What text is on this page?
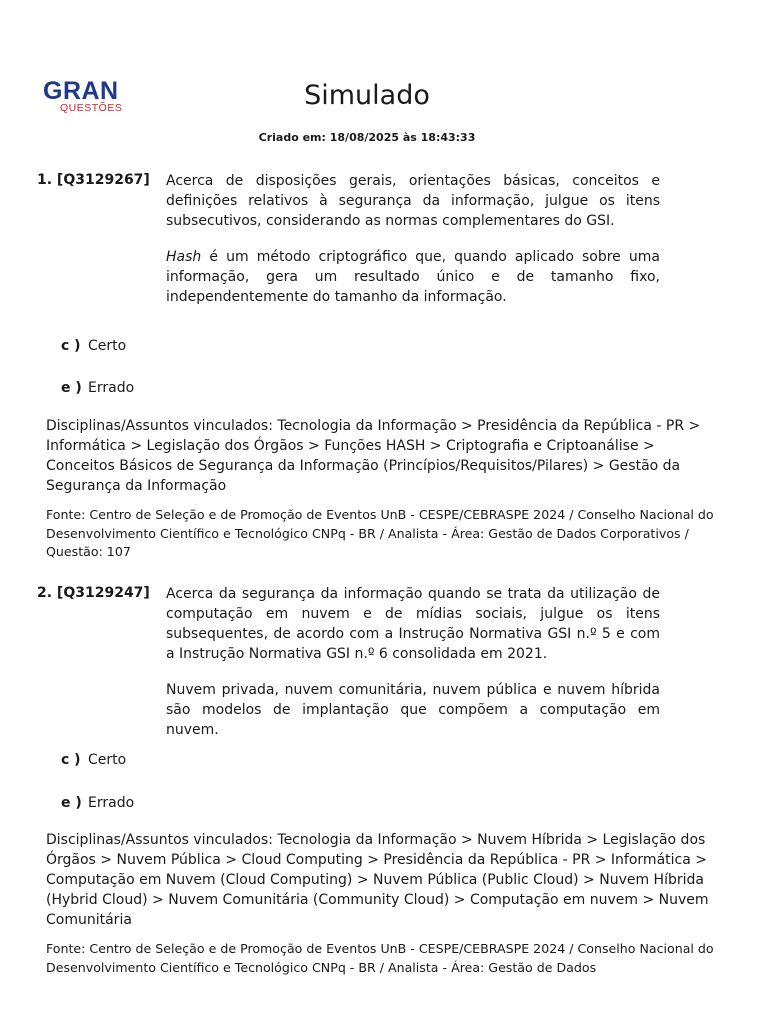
GRAN
QUESTÕES	Simulado
Criado em: 18/08/2025 às 18:43:33
1. [Q3129267] Acerca de disposições gerais, orientações básicas, conceitos e definições relativos à segurança da informação, julgue os itens subsecutivos, considerando as normas complementares do GSI.

Hash é um método criptográfico que, quando aplicado sobre uma informação, gera um resultado único e de tamanho fixo, independentemente do tamanho da informação.

c ) Certo
e ) Errado

Disciplinas/Assuntos vinculados: Tecnologia da Informação > Presidência da República - PR > Informática > Legislação dos Órgãos > Funções HASH > Criptografia e Criptoanálise > Conceitos Básicos de Segurança da Informação (Princípios/Requisitos/Pilares) > Gestão da Segurança da Informação

Fonte: Centro de Seleção e de Promoção de Eventos UnB - CESPE/CEBRASPE 2024 / Conselho Nacional do Desenvolvimento Científico e Tecnológico CNPq - BR / Analista - Área: Gestão de Dados Corporativos / Questão: 107

2. [Q3129247] Acerca da segurança da informação quando se trata da utilização de computação em nuvem e de mídias sociais, julgue os itens subsequentes, de acordo com a Instrução Normativa GSI n.º 5 e com a Instrução Normativa GSI n.º 6 consolidada em 2021.

Nuvem privada, nuvem comunitária, nuvem pública e nuvem híbrida são modelos de implantação que compõem a computação em nuvem.

c ) Certo
e ) Errado

Disciplinas/Assuntos vinculados: Tecnologia da Informação > Nuvem Híbrida > Legislação dos Órgãos > Nuvem Pública > Cloud Computing > Presidência da República - PR > Informática > Computação em Nuvem (Cloud Computing) > Nuvem Pública (Public Cloud) > Nuvem Híbrida (Hybrid Cloud) > Nuvem Comunitária (Community Cloud) > Computação em nuvem > Nuvem Comunitária

Fonte: Centro de Seleção e de Promoção de Eventos UnB - CESPE/CEBRASPE 2024 / Conselho Nacional do Desenvolvimento Científico e Tecnológico CNPq - BR / Analista - Área: Gestão de Dados
